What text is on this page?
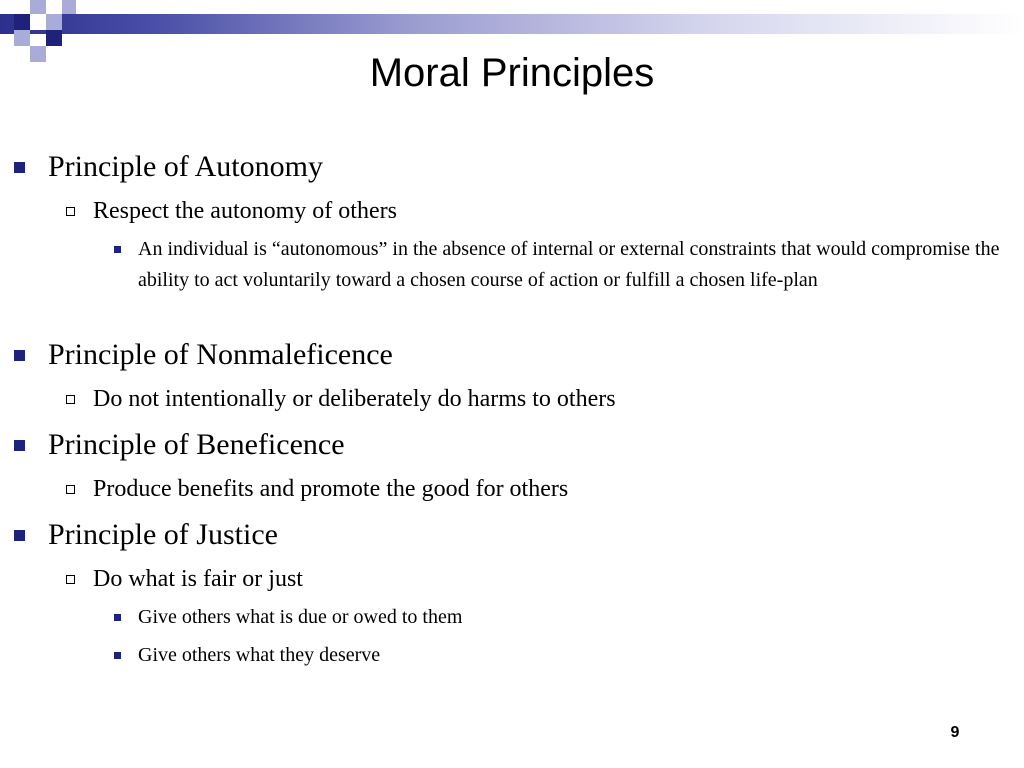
Moral Principles
Principle of Autonomy
Respect the autonomy of others
An individual is “autonomous” in the absence of internal or external constraints that would compromise the ability to act voluntarily toward a chosen course of action or fulfill a chosen life-plan
Principle of Nonmaleficence
Do not intentionally or deliberately do harms to others
Principle of Beneficence
Produce benefits and promote the good for others
Principle of Justice
Do what is fair or just
Give others what is due or owed to them
Give others what they deserve
9
